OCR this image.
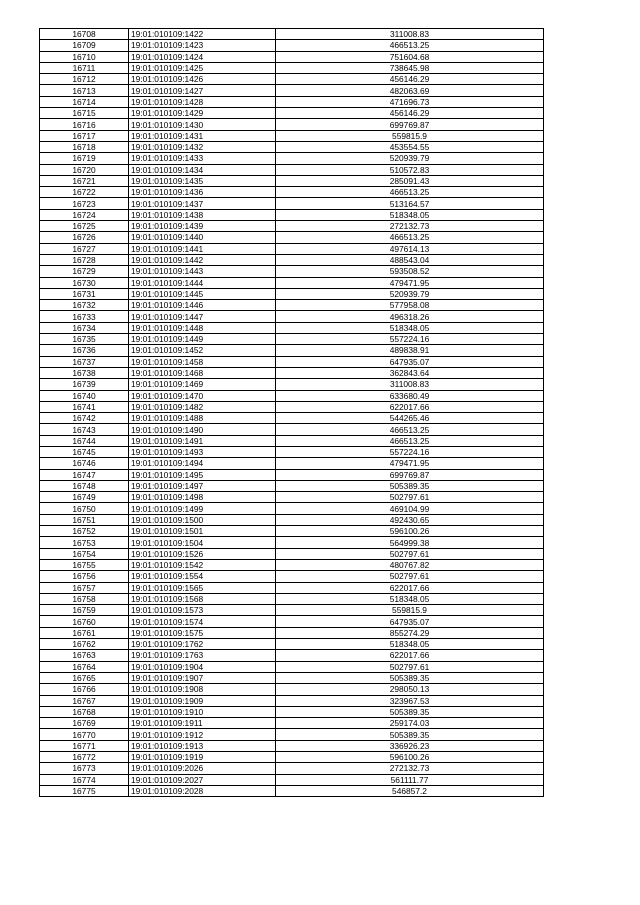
16708	19:01:010109:1422	311008.83
16709	19:01:010109:1423	466513.25
16710	19:01:010109:1424	751604.68
16711	19:01:010109:1425	738645.98
16712	19:01:010109:1426	456146.29
16713	19:01:010109:1427	482063.69
16714	19:01:010109:1428	471696.73
16715	19:01:010109:1429	456146.29
16716	19:01:010109:1430	699769.87
16717	19:01:010109:1431	559815.9
16718	19:01:010109:1432	453554.55
16719	19:01:010109:1433	520939.79
16720	19:01:010109:1434	510572.83
16721	19:01:010109:1435	285091.43
16722	19:01:010109:1436	466513.25
16723	19:01:010109:1437	513164.57
16724	19:01:010109:1438	518348.05
16725	19:01:010109:1439	272132.73
16726	19:01:010109:1440	466513.25
16727	19:01:010109:1441	497614.13
16728	19:01:010109:1442	488543.04
16729	19:01:010109:1443	593508.52
16730	19:01:010109:1444	479471.95
16731	19:01:010109:1445	520939.79
16732	19:01:010109:1446	577958.08
16733	19:01:010109:1447	496318.26
16734	19:01:010109:1448	518348.05
16735	19:01:010109:1449	557224.16
16736	19:01:010109:1452	489838.91
16737	19:01:010109:1458	647935.07
16738	19:01:010109:1468	362843.64
16739	19:01:010109:1469	311008.83
16740	19:01:010109:1470	633680.49
16741	19:01:010109:1482	622017.66
16742	19:01:010109:1488	544265.46
16743	19:01:010109:1490	466513.25
16744	19:01:010109:1491	466513.25
16745	19:01:010109:1493	557224.16
16746	19:01:010109:1494	479471.95
16747	19:01:010109:1495	699769.87
16748	19:01:010109:1497	505389.35
16749	19:01:010109:1498	502797.61
16750	19:01:010109:1499	469104.99
16751	19:01:010109:1500	492430.65
16752	19:01:010109:1501	596100.26
16753	19:01:010109:1504	564999.38
16754	19:01:010109:1526	502797.61
16755	19:01:010109:1542	480767.82
16756	19:01:010109:1554	502797.61
16757	19:01:010109:1565	622017.66
16758	19:01:010109:1568	518348.05
16759	19:01:010109:1573	559815.9
16760	19:01:010109:1574	647935.07
16761	19:01:010109:1575	855274.29
16762	19:01:010109:1762	518348.05
16763	19:01:010109:1763	622017.66
16764	19:01:010109:1904	502797.61
16765	19:01:010109:1907	505389.35
16766	19:01:010109:1908	298050.13
16767	19:01:010109:1909	323967.53
16768	19:01:010109:1910	505389.35
16769	19:01:010109:1911	259174.03
16770	19:01:010109:1912	505389.35
16771	19:01:010109:1913	336926.23
16772	19:01:010109:1919	596100.26
16773	19:01:010109:2026	272132.73
16774	19:01:010109:2027	561111.77
16775	19:01:010109:2028	546857.2
